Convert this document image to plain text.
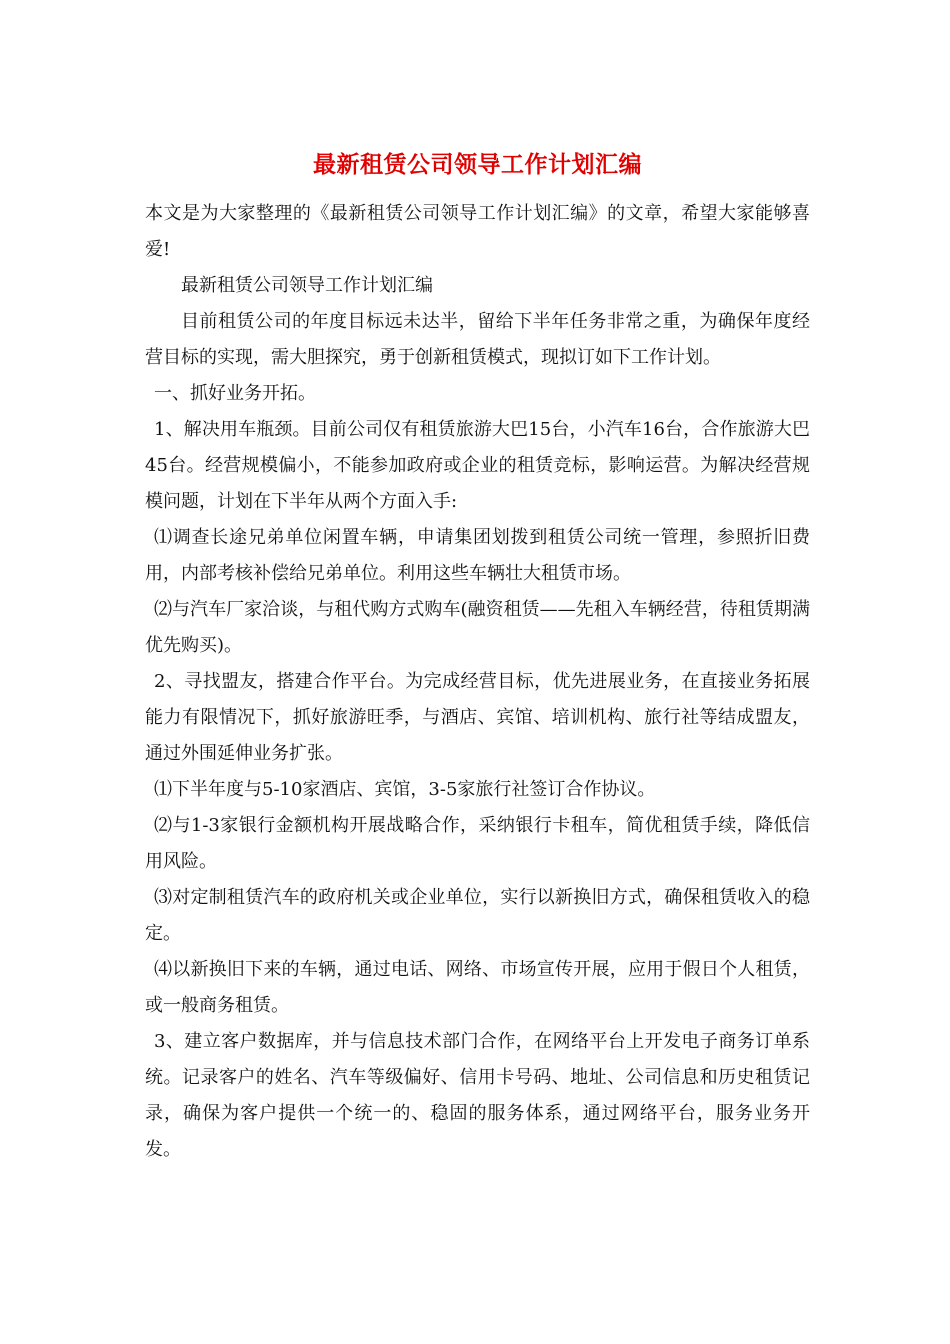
最新租赁公司领导工作计划汇编

本文是为大家整理的《最新租赁公司领导工作计划汇编》的文章，希望大家能够喜爱!

最新租赁公司领导工作计划汇编

目前租赁公司的年度目标远未达半，留给下半年任务非常之重，为确保年度经营目标的实现，需大胆探究，勇于创新租赁模式，现拟订如下工作计划。

一、抓好业务开拓。

1、解决用车瓶颈。目前公司仅有租赁旅游大巴15台，小汽车16台，合作旅游大巴45台。经营规模偏小，不能参加政府或企业的租赁竞标，影响运营。为解决经营规模问题，计划在下半年从两个方面入手:

⑴调查长途兄弟单位闲置车辆，申请集团划拨到租赁公司统一管理，参照折旧费用，内部考核补偿给兄弟单位。利用这些车辆壮大租赁市场。

⑵与汽车厂家洽谈，与租代购方式购车(融资租赁——先租入车辆经营，待租赁期满优先购买)。

2、寻找盟友，搭建合作平台。为完成经营目标，优先进展业务，在直接业务拓展能力有限情况下，抓好旅游旺季，与酒店、宾馆、培训机构、旅行社等结成盟友，通过外围延伸业务扩张。

⑴下半年度与5-10家酒店、宾馆，3-5家旅行社签订合作协议。

⑵与1-3家银行金额机构开展战略合作，采纳银行卡租车，简优租赁手续，降低信用风险。

⑶对定制租赁汽车的政府机关或企业单位，实行以新换旧方式，确保租赁收入的稳定。

⑷以新换旧下来的车辆，通过电话、网络、市场宣传开展，应用于假日个人租赁，或一般商务租赁。

3、建立客户数据库，并与信息技术部门合作，在网络平台上开发电子商务订单系统。记录客户的姓名、汽车等级偏好、信用卡号码、地址、公司信息和历史租赁记录，确保为客户提供一个统一的、稳固的服务体系，通过网络平台，服务业务开发。
